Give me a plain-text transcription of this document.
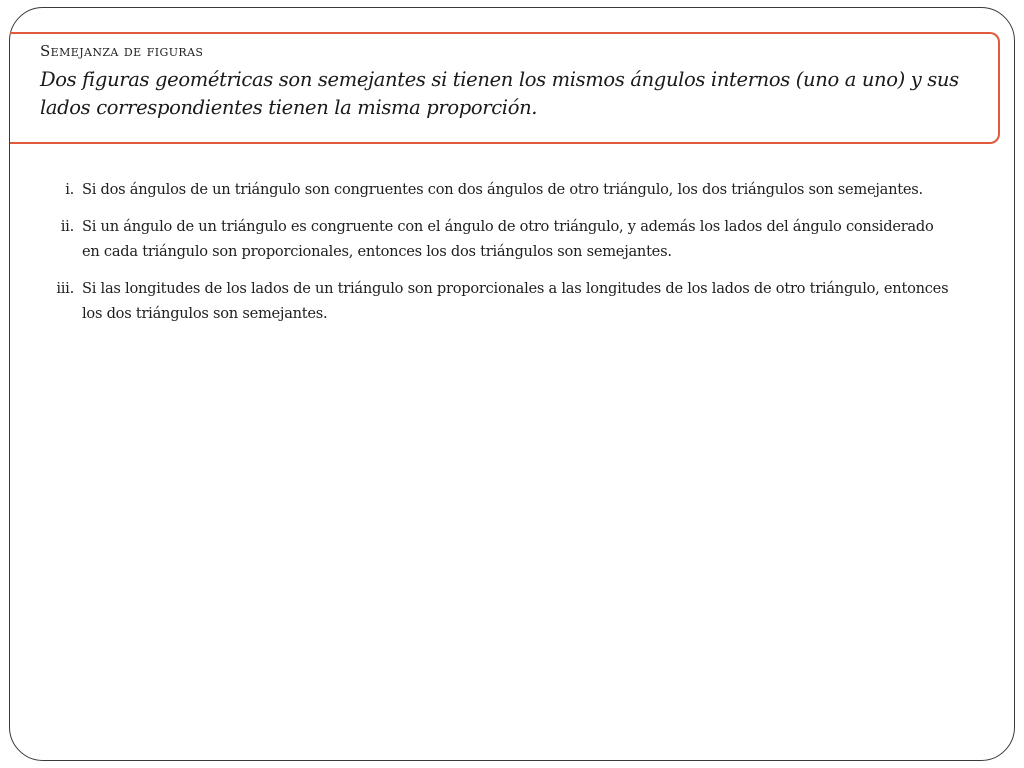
Semejanza de figuras

Dos figuras geométricas son semejantes si tienen los mismos ángulos internos (uno a uno) y sus lados correspondientes tienen la misma proporción.

i. Si dos ángulos de un triángulo son congruentes con dos ángulos de otro triángulo, los dos triángulos son semejantes.
ii. Si un ángulo de un triángulo es congruente con el ángulo de otro triángulo, y además los lados del ángulo considerado en cada triángulo son proporcionales, entonces los dos triángulos son semejantes.
iii. Si las longitudes de los lados de un triángulo son proporcionales a las longitudes de los lados de otro triángulo, entonces los dos triángulos son semejantes.
